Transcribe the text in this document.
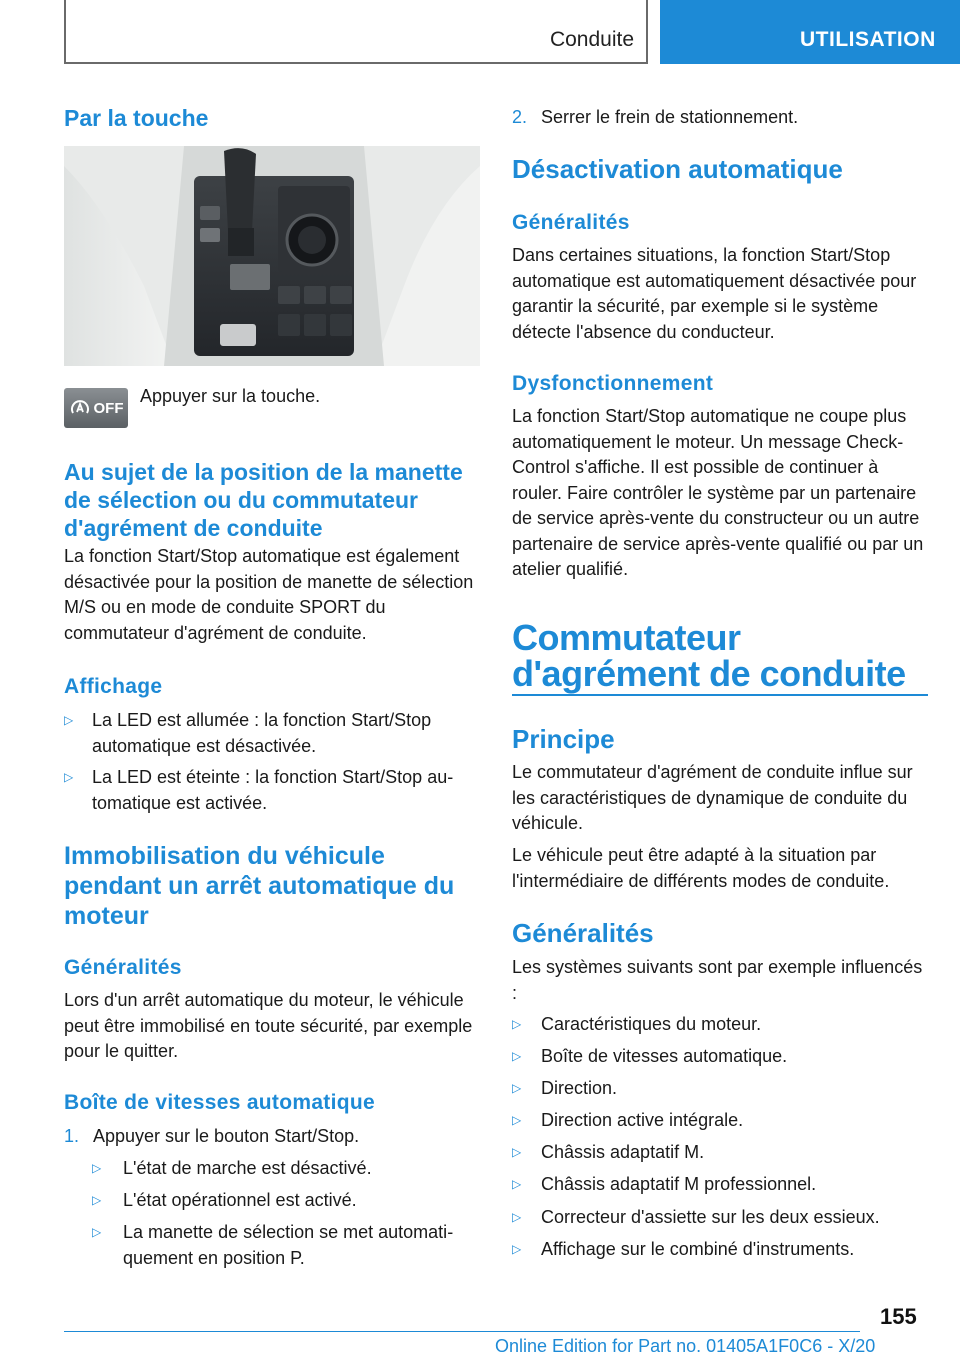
Conduite	UTILISATION
Par la touche
OFF

Appuyer sur la touche.

Au sujet de la position de la manette de sélection ou du commutateur d'agrément de conduite

La fonction Start/Stop automatique est également désactivée pour la position de manette de sélection M/S ou en mode de conduite SPORT du commutateur d'agrément de conduite.

Affichage
▷ La LED est allumée : la fonction Start/Stop automatique est désactivée.
▷ La LED est éteinte : la fonction Start/Stop automatique est activée.
Immobilisation du véhicule pendant un arrêt automatique du moteur
Généralités

Lors d'un arrêt automatique du moteur, le véhicule peut être immobilisé en toute sécurité, par exemple pour le quitter.

Boîte de vitesses automatique
1. Appuyer sur le bouton Start/Stop.
▷ L'état de marche est désactivé.
▷ L'état opérationnel est activé.
▷ La manette de sélection se met automatiquement en position P.
2. Serrer le frein de stationnement.
Désactivation automatique
Généralités

Dans certaines situations, la fonction Start/Stop automatique est automatiquement désactivée pour garantir la sécurité, par exemple si le système détecte l'absence du conducteur.

Dysfonctionnement

La fonction Start/Stop automatique ne coupe plus automatiquement le moteur. Un message Check-Control s'affiche. Il est possible de continuer à rouler. Faire contrôler le système par un partenaire de service après-vente du constructeur ou un autre partenaire de service après-vente qualifié ou par un atelier qualifié.

Commutateur d'agrément de conduite
Principe

Le commutateur d'agrément de conduite influe sur les caractéristiques de dynamique de conduite du véhicule.

Le véhicule peut être adapté à la situation par l'intermédiaire de différents modes de conduite.

Généralités

Les systèmes suivants sont par exemple influencés :

▷ Caractéristiques du moteur.
▷ Boîte de vitesses automatique.
▷ Direction.
▷ Direction active intégrale.
▷ Châssis adaptatif M.
▷ Châssis adaptatif M professionnel.
▷ Correcteur d'assiette sur les deux essieux.
▷ Affichage sur le combiné d'instruments.
155
Online Edition for Part no. 01405A1F0C6 - X/20
